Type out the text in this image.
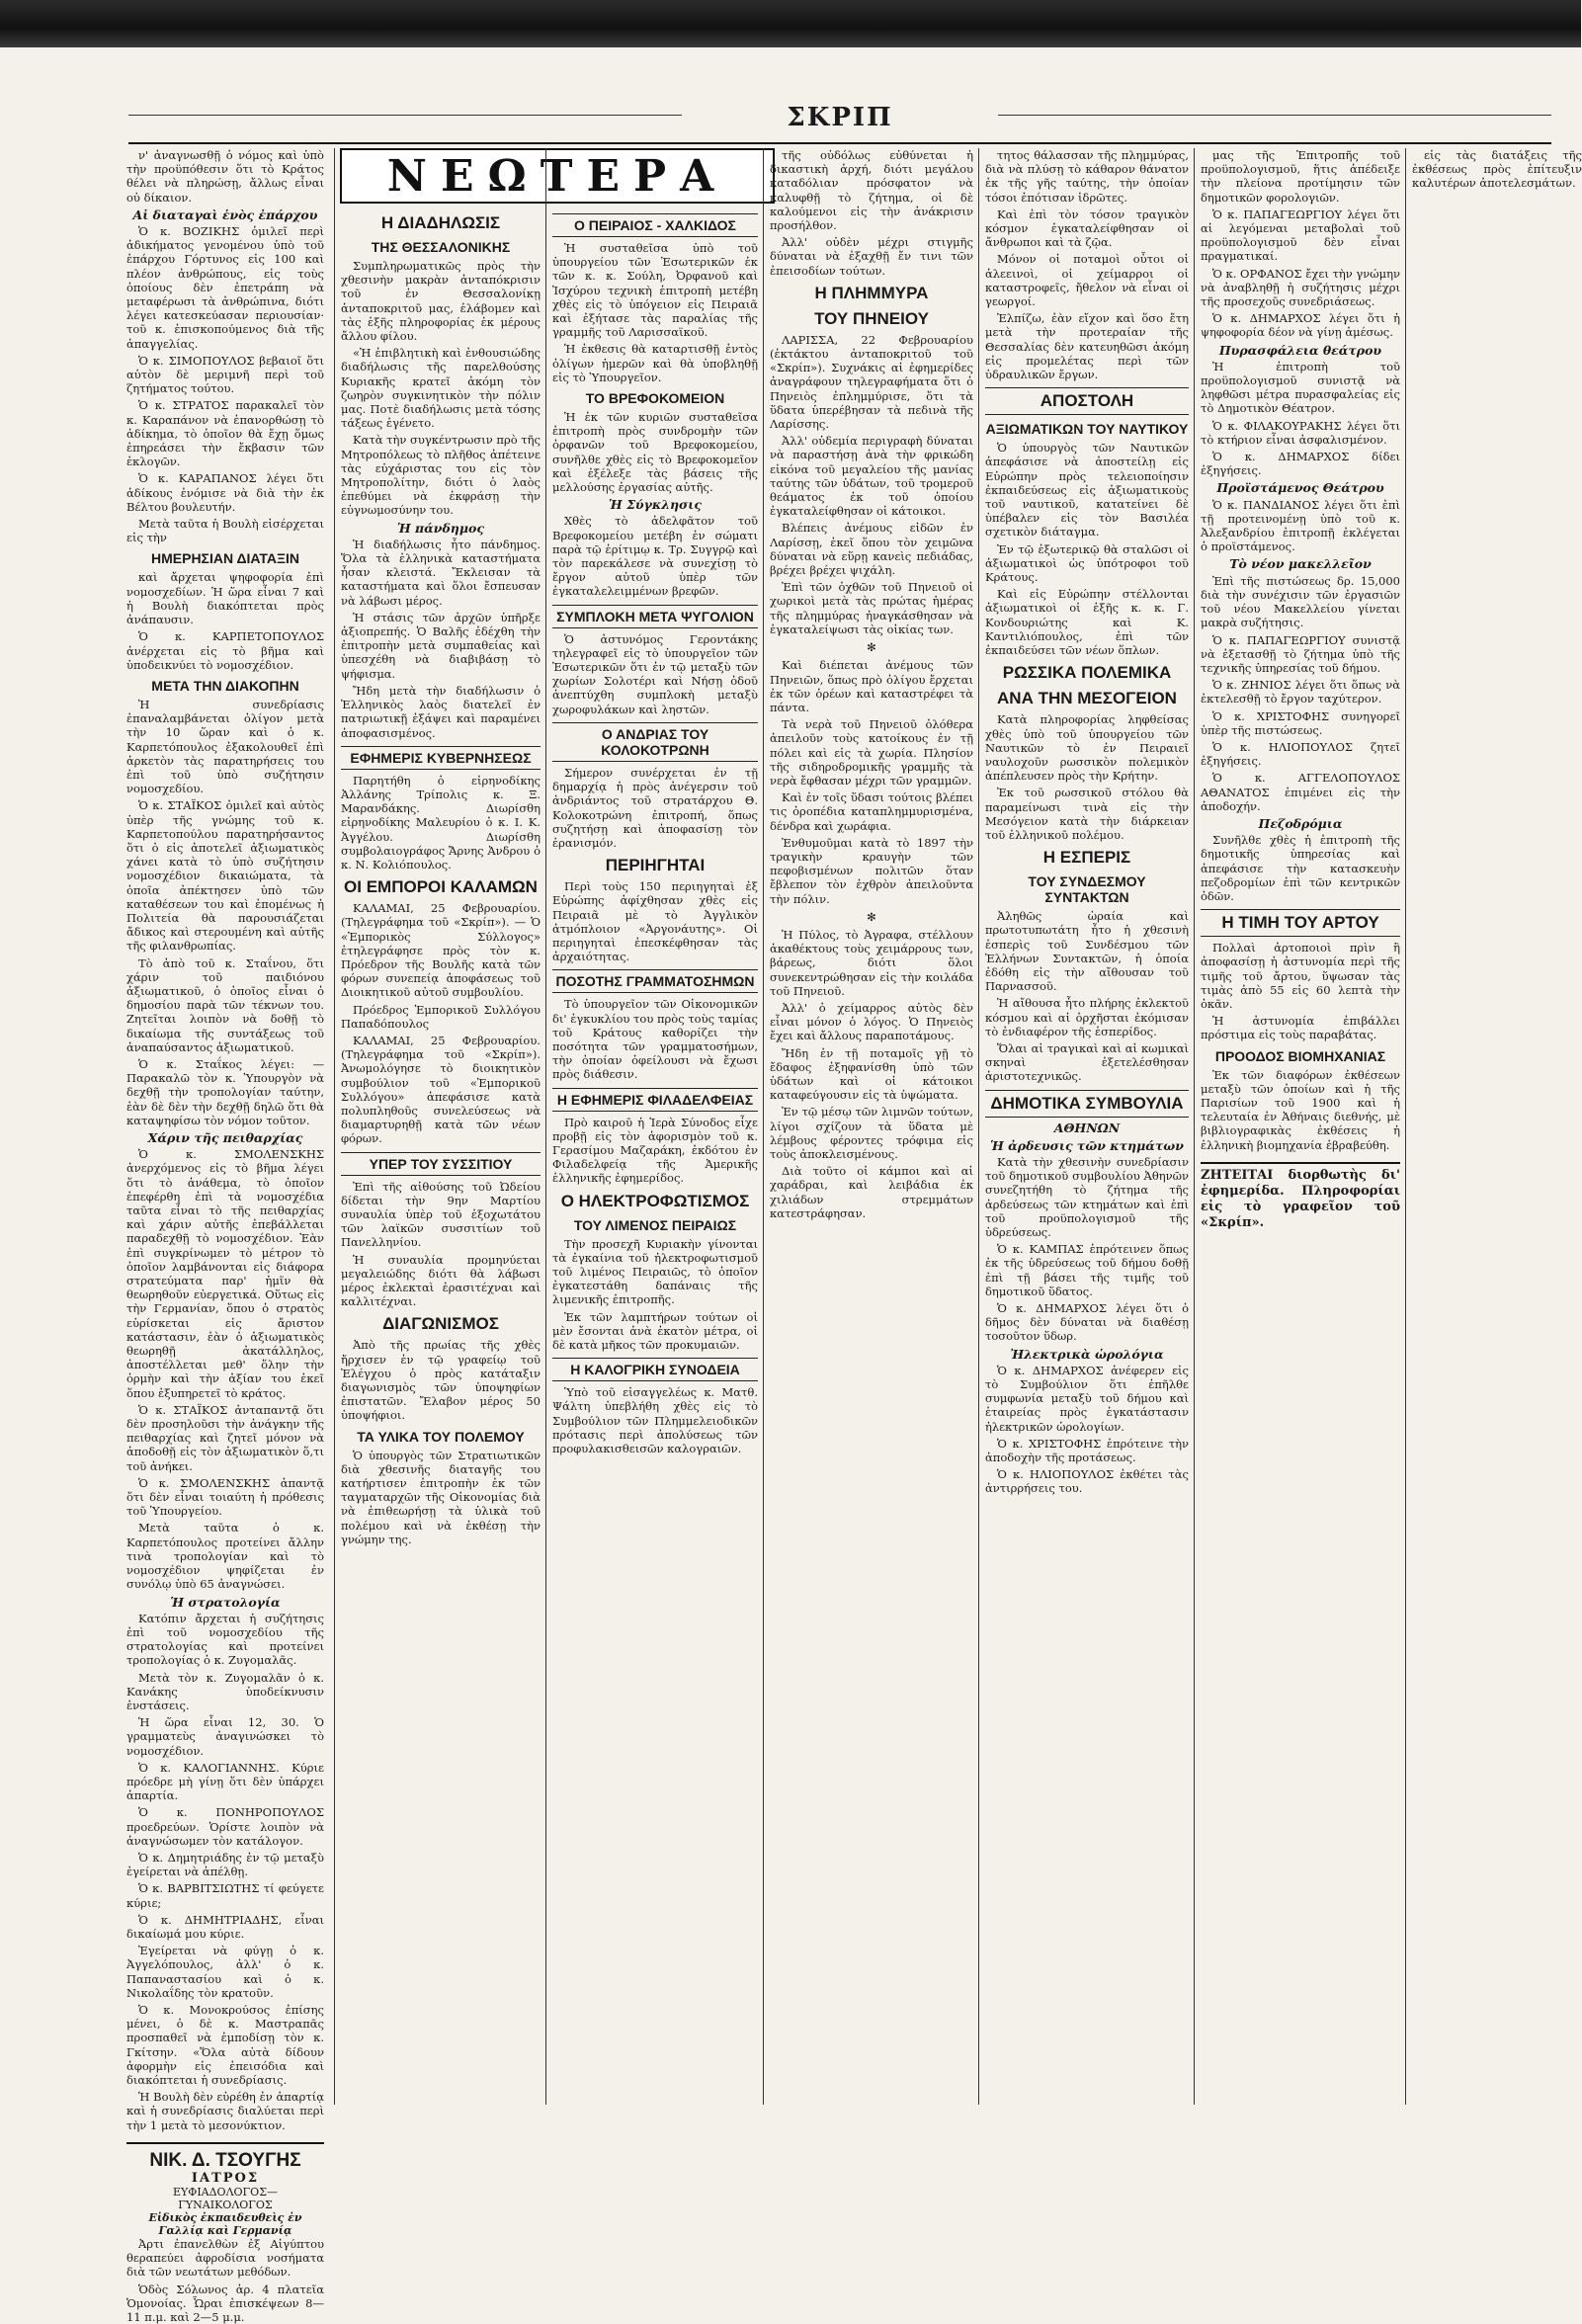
ΣΚΡΙΠ
ΝΕΩΤΕΡΑ

ν' ἀναγνωσθῇ ὁ νόμος καὶ ὑπὸ τὴν προϋπόθεσιν ὅτι τὸ Κράτος θέλει νὰ πληρώσῃ, ἄλλως εἶναι οὐ δίκαιον.

Αἱ διαταγαὶ ἑνὸς ἐπάρχου

Ὁ κ. ΒΟΖΙΚΗΣ ὁμιλεῖ περὶ ἀδικήματος γενομένου ὑπὸ τοῦ ἐπάρχου Γόρτυνος εἰς 100 καὶ πλέον ἀνθρώπους, εἰς τοὺς ὁποίους δὲν ἐπετράπη νὰ μεταφέρωσι τὰ ἀνθρώπινα, διότι λέγει κατεσκεύασαν περιουσίαν· τοῦ κ. ἐπισκοπούμενος διὰ τῆς ἀπαγγελίας.

Ὁ κ. ΣΙΜΟΠΟΥΛΟΣ βεβαιοῖ ὅτι αὐτὸν δὲ μεριμνῆ περὶ τοῦ ζητήματος τούτου.

Ὁ κ. ΣΤΡΑΤΟΣ παρακαλεῖ τὸν κ. Καραπάνον νὰ ἐπανορθώσῃ τὸ ἀδίκημα, τὸ ὁποῖον θὰ ἔχῃ ὅμως ἐπηρεάσει τὴν ἔκβασιν τῶν ἐκλογῶν.

Ὁ κ. ΚΑΡΑΠΑΝΟΣ λέγει ὅτι ἀδίκους ἐνόμισε νὰ διὰ τὴν ἐκ Βέλτου βουλευτήν.

Μετὰ ταῦτα ἡ Βουλὴ εἰσέρχεται εἰς τὴν

ΗΜΕΡΗΣΙΑΝ ΔΙΑΤΑΞΙΝ

καὶ ἄρχεται ψηφοφορία ἐπὶ νομοσχεδίων. Ἡ ὥρα εἶναι 7 καὶ ἡ Βουλὴ διακόπτεται πρὸς ἀνάπαυσιν.

Ὁ κ. ΚΑΡΠΕΤΟΠΟΥΛΟΣ ἀνέρχεται εἰς τὸ βῆμα καὶ ὑποδεικνύει τὸ νομοσχέδιον.

ΜΕΤΑ ΤΗΝ ΔΙΑΚΟΠΗΝ

Ἡ συνεδρίασις ἐπαναλαμβάνεται ὀλίγον μετὰ τὴν 10 ὥραν καὶ ὁ κ. Καρπετόπουλος ἐξακολουθεῖ ἐπὶ ἀρκετὸν τὰς παρατηρήσεις του ἐπὶ τοῦ ὑπὸ συζήτησιν νομοσχεδίου.

Ὁ κ. ΣΤΑΪΚΟΣ ὁμιλεῖ καὶ αὐτὸς ὑπὲρ τῆς γνώμης τοῦ κ. Καρπετοπούλου παρατηρήσαντος ὅτι ὁ εἰς ἀποτελεῖ ἀξιωματικὸς χάνει κατὰ τὸ ὑπὸ συζήτησιν νομοσχέδιον δικαιώματα, τὰ ὁποῖα ἀπέκτησεν ὑπὸ τῶν καταθέσεων του καὶ ἐπομένως ἡ Πολιτεία θὰ παρουσιάζεται ἄδικος καὶ στερουμένη καὶ αὐτῆς τῆς φιλανθρωπίας.

Τὸ ἀπὸ τοῦ κ. Σταΐνου, ὅτι χάριν τοῦ παιδιόνου ἀξιωματικοῦ, ὁ ὁποῖος εἶναι ὁ δημοσίου παρὰ τῶν τέκνων του. Ζητεῖται λοιπὸν νὰ δοθῇ τὸ δικαίωμα τῆς συντάξεως τοῦ ἀναπαύσαντος ἀξιωματικοῦ.

Ὁ κ. Σταΐκος λέγει: — Παρακαλῶ τὸν κ. Ὑπουργὸν νὰ δεχθῇ τὴν τροπολογίαν ταύτην, ἐὰν δὲ δὲν τὴν δεχθῇ δηλῶ ὅτι θὰ καταψηφίσω τὸν νόμον τοῦτον.

Χάριν τῆς πειθαρχίας

Ὁ κ. ΣΜΟΛΕΝΣΚΗΣ ἀνερχόμενος εἰς τὸ βῆμα λέγει ὅτι τὸ ἀνάθεμα, τὸ ὁποῖον ἐπεφέρθη ἐπὶ τὰ νομοσχέδια ταῦτα εἶναι τὸ τῆς πειθαρχίας καὶ χάριν αὐτῆς ἐπεβάλλεται παραδεχθῇ τὸ νομοσχέδιον. Ἐὰν ἐπὶ συγκρίνωμεν τὸ μέτρον τὸ ὁποῖον λαμβάνονται εἰς διάφορα στρατεύματα παρ' ἡμῖν θὰ θεωρηθοῦν εὐεργετικά. Οὕτως εἰς τὴν Γερμανίαν, ὅπου ὁ στρατὸς εὑρίσκεται εἰς ἄριστον κατάστασιν, ἐὰν ὁ ἀξιωματικὸς θεωρηθῇ ἀκατάλληλος, ἀποστέλλεται μεθ' ὅλην τὴν ὀρμὴν καὶ τὴν ἀξίαν του ἐκεῖ ὅπου ἐξυπηρετεῖ τὸ κράτος.

Ὁ κ. ΣΤΑΪΚΟΣ ἀνταπαντᾷ ὅτι δὲν προσηλοῦσι τὴν ἀνάγκην τῆς πειθαρχίας καὶ ζητεῖ μόνον νὰ ἀποδοθῇ εἰς τὸν ἀξιωματικὸν ὅ,τι τοῦ ἀνήκει.

Ὁ κ. ΣΜΟΛΕΝΣΚΗΣ ἀπαντᾷ ὅτι δὲν εἶναι τοιαύτη ἡ πρόθεσις τοῦ Ὑπουργείου.

Μετὰ ταῦτα ὁ κ. Καρπετόπουλος προτείνει ἄλλην τινὰ τροπολογίαν καὶ τὸ νομοσχέδιον ψηφίζεται ἐν συνόλῳ ὑπὸ 65 ἀναγνώσει.

Ἡ στρατολογία

Κατόπιν ἄρχεται ἡ συζήτησις ἐπὶ τοῦ νομοσχεδίου τῆς στρατολογίας καὶ προτείνει τροπολογίας ὁ κ. Ζυγομαλᾶς.

Μετὰ τὸν κ. Ζυγομαλᾶν ὁ κ. Κανάκης ὑποδείκνυσιν ἐνστάσεις.

Ἡ ὥρα εἶναι 12, 30. Ὁ γραμματεὺς ἀναγινώσκει τὸ νομοσχέδιον.

Ὁ κ. ΚΑΛΟΓΙΑΝΝΗΣ. Κύριε πρόεδρε μὴ γίνῃ ὅτι δὲν ὑπάρχει ἀπαρτία.

Ὁ κ. ΠΟΝΗΡΟΠΟΥΛΟΣ προεδρεύων. Ὁρίστε λοιπὸν νὰ ἀναγνώσωμεν τὸν κατάλογον.

Ὁ κ. Δημητριάδης ἐν τῷ μεταξὺ ἐγείρεται νὰ ἀπέλθῃ.

Ὁ κ. ΒΑΡΒΙΤΣΙΩΤΗΣ τί φεύγετε κύριε;

Ὁ κ. ΔΗΜΗΤΡΙΑΔΗΣ, εἶναι δικαίωμά μου κύριε.

Ἐγείρεται νὰ φύγῃ ὁ κ. Ἀγγελόπουλος, ἀλλ' ὁ κ. Παπαναστασίου καὶ ὁ κ. Νικολαΐδης τὸν κρατοῦν.

Ὁ κ. Μονοκρούσος ἐπίσης μένει, ὁ δὲ κ. Μαστραπᾶς προσπαθεῖ νὰ ἐμποδίσῃ τὸν κ. Γκίτσην. «Ὅλα αὐτὰ δίδουν ἀφορμὴν εἰς ἐπεισόδια καὶ διακόπτεται ἡ συνεδρίασις.

Ἡ Βουλὴ δὲν εὑρέθη ἐν ἀπαρτίᾳ καὶ ἡ συνεδρίασις διαλύεται περὶ τὴν 1 μετὰ τὸ μεσονύκτιον.

ΝΙΚ. Δ. ΤΣΟΥΓΗΣ
ΙΑΤΡΟΣ
ΕΥΦΙΑΔΟΛΟΓΟΣ—ΓΥΝΑΙΚΟΛΟΓΟΣ
Εἰδικὸς ἐκπαιδευθεὶς ἐν Γαλλίᾳ καὶ Γερμανίᾳ

Ἀρτι ἐπανελθὼν ἐξ Αἰγύπτου θεραπεύει ἀφροδίσια νοσήματα διὰ τῶν νεωτάτων μεθόδων.

Ὁδὸς Σόλωνος ἀρ. 4 πλατεῖα Ὁμονοίας. Ὧραι ἐπισκέψεων 8—11 π.μ. καὶ 2—5 μ.μ.

Η ΔΙΑΔΗΛΩΣΙΣ
ΤΗΣ ΘΕΣΣΑΛΟΝΙΚΗΣ

Συμπληρωματικῶς πρὸς τὴν χθεσινὴν μακρὰν ἀνταπόκρισιν τοῦ ἐν Θεσσαλονίκῃ ἀνταποκριτοῦ μας, ἐλάβομεν καὶ τὰς ἑξῆς πληροφορίας ἐκ μέρους ἄλλου φίλου.

«Ἡ ἐπιβλητικὴ καὶ ἐνθουσιώδης διαδήλωσις τῆς παρελθούσης Κυριακῆς κρατεῖ ἀκόμη τὸν ζωηρὸν συγκινητικὸν τὴν πόλιν μας. Ποτὲ διαδήλωσις μετὰ τόσης τάξεως ἐγένετο.

Κατὰ τὴν συγκέντρωσιν πρὸ τῆς Μητροπόλεως τὸ πλῆθος ἀπέτεινε τὰς εὐχάριστας του εἰς τὸν Μητροπολίτην, διότι ὁ λαὸς ἐπεθύμει νὰ ἐκφράσῃ τὴν εὐγνωμοσύνην του.

Ἡ πάνδημος

Ἡ διαδήλωσις ἦτο πάνδημος. Ὅλα τὰ ἑλληνικὰ καταστήματα ἦσαν κλειστά. Ἔκλεισαν τὰ καταστήματα καὶ ὅλοι ἔσπευσαν νὰ λάβωσι μέρος.

Ἡ στάσις τῶν ἀρχῶν ὑπῆρξε ἀξιοπρεπής. Ὁ Βαλῆς ἐδέχθη τὴν ἐπιτροπὴν μετὰ συμπαθείας καὶ ὑπεσχέθη νὰ διαβιβάσῃ τὸ ψήφισμα.

Ἤδη μετὰ τὴν διαδήλωσιν ὁ Ἑλληνικὸς λαὸς διατελεῖ ἐν πατριωτικῇ ἐξάψει καὶ παραμένει ἀποφασισμένος.

ΕΦΗΜΕΡΙΣ ΚΥΒΕΡΝΗΣΕΩΣ

Παρητήθη ὁ εἰρηνοδίκης Ἀλλάνης Τρίπολις κ. Ξ. Μαρανδάκης. Διωρίσθη εἰρηνοδίκης Μαλευρίου ὁ κ. Ι. Κ. Ἀγγέλου. Διωρίσθη συμβολαιογράφος Ἄρνης Ἀνδρου ὁ κ. Ν. Κολιόπουλος.

ΟΙ ΕΜΠΟΡΟΙ ΚΑΛΑΜΩΝ

ΚΑΛΑΜΑΙ, 25 Φεβρουαρίου. (Τηλεγράφημα τοῦ «Σκρίπ»). — Ὁ «Ἐμπορικὸς Σύλλογος» ἐτηλεγράφησε πρὸς τὸν κ. Πρόεδρον τῆς Βουλῆς κατὰ τῶν φόρων συνεπείᾳ ἀποφάσεως τοῦ Διοικητικοῦ αὐτοῦ συμβουλίου.

Πρόεδρος Ἐμπορικοῦ Συλλόγου Παπαδόπουλος

ΚΑΛΑΜΑΙ, 25 Φεβρουαρίου. (Τηλεγράφημα τοῦ «Σκρίπ»). Ἀνωμολόγησε τὸ διοικητικὸν συμβούλιον τοῦ «Ἐμπορικοῦ Συλλόγου» ἀπεφάσισε κατὰ πολυπληθοῦς συνελεύσεως νὰ διαμαρτυρηθῇ κατὰ τῶν νέων φόρων.

ΥΠΕΡ ΤΟΥ ΣΥΣΣΙΤΙΟΥ

Ἐπὶ τῆς αἰθούσης τοῦ Ὠδείου δίδεται τὴν 9ην Μαρτίου συναυλία ὑπὲρ τοῦ ἐξοχωτάτου τῶν λαϊκῶν συσσιτίων τοῦ Πανελληνίου.

Ἡ συναυλία προμηνύεται μεγαλειώδης διότι θὰ λάβωσι μέρος ἐκλεκταὶ ἐρασιτέχναι καὶ καλλιτέχναι.

ΔΙΑΓΩΝΙΣΜΟΣ

Ἀπὸ τῆς πρωίας τῆς χθὲς ἤρχισεν ἐν τῷ γραφείῳ τοῦ Ἐλέγχου ὁ πρὸς κατάταξιν διαγωνισμὸς τῶν ὑποψηφίων ἐπιστατῶν. Ἔλαβον μέρος 50 ὑποψήφιοι.

ΤΑ ΥΛΙΚΑ ΤΟΥ ΠΟΛΕΜΟΥ

Ὁ ὑπουργὸς τῶν Στρατιωτικῶν διὰ χθεσινῆς διαταγῆς του κατήρτισεν ἐπιτροπὴν ἐκ τῶν ταγματαρχῶν τῆς Οἰκονομίας διὰ νὰ ἐπιθεωρήσῃ τὰ ὑλικὰ τοῦ πολέμου καὶ νὰ ἐκθέσῃ τὴν γνώμην της.

Ο ΠΕΙΡΑΙΟΣ - ΧΑΛΚΙΔΟΣ

Ἡ συσταθεῖσα ὑπὸ τοῦ ὑπουργείου τῶν Ἐσωτερικῶν ἐκ τῶν κ. κ. Σούλη, Ὀρφανοῦ καὶ Ἰσχύρου τεχνικὴ ἐπιτροπὴ μετέβη χθὲς εἰς τὸ ὑπόγειον εἰς Πειραιᾶ καὶ ἐξήτασε τὰς παραλίας τῆς γραμμῆς τοῦ Λαρισσαϊκοῦ.

Ἡ ἐκθεσις θὰ καταρτισθῇ ἐντὸς ὀλίγων ἡμερῶν καὶ θὰ ὑποβληθῇ εἰς τὸ Ὑπουργεῖον.

ΤΟ ΒΡΕΦΟΚΟΜΕΙΟΝ

Ἡ ἐκ τῶν κυριῶν συσταθεῖσα ἐπιτροπὴ πρὸς συνδρομὴν τῶν ὀρφανῶν τοῦ Βρεφοκομείου, συνῆλθε χθὲς εἰς τὸ Βρεφοκομεῖον καὶ ἐξέλεξε τὰς βάσεις τῆς μελλούσης ἐργασίας αὐτῆς.

Ἡ Σύγκλησις

Χθὲς τὸ ἀδελφᾶτον τοῦ Βρεφοκομείου μετέβη ἐν σώματι παρὰ τῷ ἐρίτιμῳ κ. Τρ. Συγγρῷ καὶ τὸν παρεκάλεσε νὰ συνεχίσῃ τὸ ἔργον αὐτοῦ ὑπὲρ τῶν ἐγκαταλελειμμένων βρεφῶν.

ΣΥΜΠΛΟΚΗ ΜΕΤΑ ΨΥΓΟΛΙΟΝ

Ὁ ἀστυνόμος Γεροντάκης τηλεγραφεῖ εἰς τὸ ὑπουργεῖον τῶν Ἐσωτερικῶν ὅτι ἐν τῷ μεταξὺ τῶν χωρίων Σολοτέρι καὶ Νήσῃ ὁδοῦ ἀνεπτύχθη συμπλοκὴ μεταξὺ χωροφυλάκων καὶ ληστῶν.

Ο ΑΝΔΡΙΑΣ ΤΟΥ ΚΟΛΟΚΟΤΡΩΝΗ

Σήμερον συνέρχεται ἐν τῇ δημαρχίᾳ ἡ πρὸς ἀνέγερσιν τοῦ ἀνδριάντος τοῦ στρατάρχου Θ. Κολοκοτρώνη ἐπιτροπή, ὅπως συζητήσῃ καὶ ἀποφασίσῃ τὸν ἐρανισμόν.

ΠΕΡΙΗΓΗΤΑΙ

Περὶ τοὺς 150 περιηγηταὶ ἐξ Εὐρώπης ἀφίχθησαν χθὲς εἰς Πειραιᾶ μὲ τὸ Ἀγγλικὸν ἀτμόπλοιον «Ἀργονάυτης». Οἱ περιηγηταὶ ἐπεσκέφθησαν τὰς ἀρχαιότητας.

ΠΟΣΟΤΗΣ ΓΡΑΜΜΑΤΟΣΗΜΩΝ

Τὸ ὑπουργεῖον τῶν Οἰκονομικῶν δι' ἐγκυκλίου του πρὸς τοὺς ταμίας τοῦ Κράτους καθορίζει τὴν ποσότητα τῶν γραμματοσήμων, τὴν ὁποίαν ὀφείλουσι νὰ ἔχωσι πρὸς διάθεσιν.

Η ΕΦΗΜΕΡΙΣ ΦΙΛΑΔΕΛΦΕΙΑΣ

Πρὸ καιροῦ ἡ Ἱερὰ Σύνοδος εἶχε προβῇ εἰς τὸν ἀφορισμὸν τοῦ κ. Γερασίμου Μαζαράκη, ἐκδότου ἐν Φιλαδελφείᾳ τῆς Ἀμερικῆς ἑλληνικῆς ἐφημερίδος.

Ο ΗΛΕΚΤΡΟΦΩΤΙΣΜΟΣ
ΤΟΥ ΛΙΜΕΝΟΣ ΠΕΙΡΑΙΩΣ

Τὴν προσεχῆ Κυριακὴν γίνονται τὰ ἐγκαίνια τοῦ ἠλεκτροφωτισμοῦ τοῦ λιμένος Πειραιῶς, τὸ ὁποῖον ἐγκατεστάθη δαπάναις τῆς λιμενικῆς ἐπιτροπῆς.

Ἐκ τῶν λαμπτήρων τούτων οἱ μὲν ἔσονται ἀνὰ ἐκατὸν μέτρα, οἱ δὲ κατὰ μῆκος τῶν προκυμαιῶν.

Η ΚΑΛΟΓΡΙΚΗ ΣΥΝΟΔΕΙΑ

Ὑπὸ τοῦ εἰσαγγελέως κ. Ματθ. Ψάλτη ὑπεβλήθη χθὲς εἰς τὸ Συμβούλιον τῶν Πλημμελειοδικῶν πρότασις περὶ ἀπολύσεως τῶν προφυλακισθεισῶν καλογραιῶν.

τῆς οὐδόλως εὐθύνεται ἡ δικαστικὴ ἀρχή, διότι μεγάλου καταδόλιαν πρόσφατον νὰ καλυφθῇ τὸ ζήτημα, οἱ δὲ καλούμενοι εἰς τὴν ἀνάκρισιν προσήλθον.

Ἀλλ' οὐδὲν μέχρι στιγμῆς δύναται νὰ ἐξαχθῇ ἔν τινι τῶν ἐπεισοδίων τούτων.

Η ΠΛΗΜΜΥΡΑ
ΤΟΥ ΠΗΝΕΙΟΥ

ΛΑΡΙΣΣΑ, 22 Φεβρουαρίου (ἐκτάκτου ἀνταποκριτοῦ τοῦ «Σκρίπ»). Συχνάκις αἱ ἐφημερίδες ἀναγράφουν τηλεγραφήματα ὅτι ὁ Πηνειὸς ἐπλημμύρισε, ὅτι τὰ ὕδατα ὑπερέβησαν τὰ πεδινὰ τῆς Λαρίσσης.

Ἀλλ' οὐδεμία περιγραφὴ δύναται νὰ παραστήσῃ ἀνὰ τὴν φρικώδη εἰκόνα τοῦ μεγαλείου τῆς μανίας ταύτης τῶν ὑδάτων, τοῦ τρομεροῦ θεάματος ἐκ τοῦ ὁποίου ἐγκαταλείφθησαν οἱ κάτοικοι.

Βλέπεις ἀνέμους εἰδῶν ἐν Λαρίσσῃ, ἐκεῖ ὅπου τὸν χειμῶνα δύναται νὰ εὕρῃ κανεὶς πεδιάδας, βρέχει βρέχει ψιχάλη.

Ἐπὶ τῶν ὀχθῶν τοῦ Πηνειοῦ οἱ χωρικοὶ μετὰ τὰς πρώτας ἡμέρας τῆς πλημμύρας ἠναγκάσθησαν νὰ ἐγκαταλείψωσι τὰς οἰκίας των.

✻

Καὶ διέπεται ἀνέμους τῶν Πηνειῶν, ὅπως πρὸ ὀλίγου ἔρχεται ἐκ τῶν ὀρέων καὶ καταστρέφει τὰ πάντα.

Τὰ νερὰ τοῦ Πηνειοῦ ὁλόθερα ἀπειλοῦν τοὺς κατοίκους ἐν τῇ πόλει καὶ εἰς τὰ χωρία. Πλησίον τῆς σιδηροδρομικῆς γραμμῆς τὰ νερὰ ἔφθασαν μέχρι τῶν γραμμῶν.

Καὶ ἐν τοῖς ὕδασι τούτοις βλέπει τις ὀροπέδια καταπλημμυρισμένα, δένδρα καὶ χωράφια.

Ἐνθυμοῦμαι κατὰ τὸ 1897 τὴν τραγικὴν κραυγὴν τῶν πεφοβισμένων πολιτῶν ὅταν ἔβλεπον τὸν ἐχθρὸν ἀπειλοῦντα τὴν πόλιν.

✻

Ἡ Πύλος, τὸ Ἀγραφα, στέλλουν ἀκαθέκτους τοὺς χειμάρρους των, βάρεως, διότι ὅλοι συνεκεντρώθησαν εἰς τὴν κοιλάδα τοῦ Πηνειοῦ.

Ἀλλ' ὁ χείμαρρος αὐτὸς δὲν εἶναι μόνον ὁ λόγος. Ὁ Πηνειὸς ἔχει καὶ ἄλλους παραποτάμους.

Ἤδη ἐν τῇ ποταμοῖς γῇ τὸ ἔδαφος ἐξηφανίσθη ὑπὸ τῶν ὑδάτων καὶ οἱ κάτοικοι καταφεύγουσιν εἰς τὰ ὑψώματα.

Ἐν τῷ μέσῳ τῶν λιμνῶν τούτων, λίγοι σχίζουν τὰ ὕδατα μὲ λέμβους φέροντες τρόφιμα εἰς τοὺς ἀποκλεισμένους.

Διὰ τοῦτο οἱ κάμποι καὶ αἱ χαράδραι, καὶ λειβάδια ἐκ χιλιάδων στρεμμάτων κατεστράφησαν.

τητος θάλασσαν τῆς πλημμύρας, διὰ νὰ πλύσῃ τὸ κάθαρον θάνατον ἐκ τῆς γῆς ταύτης, τὴν ὁποίαν τόσοι ἐπότισαν ἱδρῶτες.

Καὶ ἐπὶ τὸν τόσον τραγικὸν κόσμον ἐγκαταλείφθησαν οἱ ἄνθρωποι καὶ τὰ ζῷα.

Μόνον οἱ ποταμοὶ οὗτοι οἱ ἀλεεινοὶ, οἱ χείμαρροι οἱ καταστροφεῖς, ἤθελον νὰ εἶναι οἱ γεωργοί.

Ἐλπίζω, ἐὰν εἴχον καὶ ὅσο ἔτη μετὰ τὴν προτεραίαν τῆς Θεσσαλίας δὲν κατευηθῶσι ἀκόμη εἰς προμελέτας περὶ τῶν ὑδραυλικῶν ἔργων.

ΑΠΟΣΤΟΛΗ
ΑΞΙΩΜΑΤΙΚΩΝ ΤΟΥ ΝΑΥΤΙΚΟΥ

Ὁ ὑπουργὸς τῶν Ναυτικῶν ἀπεφάσισε νὰ ἀποστείλῃ εἰς Εὐρώπην πρὸς τελειοποίησιν ἐκπαιδεύσεως εἰς ἀξιωματικοὺς τοῦ ναυτικοῦ, κατατείνει δὲ ὑπέβαλεν εἰς τὸν Βασιλέα σχετικὸν διάταγμα.

Ἐν τῷ ἐξωτερικῷ θὰ σταλῶσι οἱ ἀξιωματικοὶ ὡς ὑπότροφοι τοῦ Κράτους.

Καὶ εἰς Εὐρώπην στέλλονται ἀξιωματικοὶ οἱ ἑξῆς κ. κ. Γ. Κονδουριώτης καὶ Κ. Καντιλιόπουλος, ἐπὶ τῶν ἐκπαιδεύσει τῶν νέων ὅπλων.

ΡΩΣΣΙΚΑ ΠΟΛΕΜΙΚΑ
ΑΝΑ ΤΗΝ ΜΕΣΟΓΕΙΟΝ

Κατὰ πληροφορίας ληφθείσας χθὲς ὑπὸ τοῦ ὑπουργείου τῶν Ναυτικῶν τὸ ἐν Πειραιεῖ ναυλοχοῦν ρωσσικὸν πολεμικὸν ἀπέπλευσεν πρὸς τὴν Κρήτην.

Ἐκ τοῦ ρωσσικοῦ στόλου θὰ παραμείνωσι τινὰ εἰς τὴν Μεσόγειον κατὰ τὴν διάρκειαν τοῦ ἑλληνικοῦ πολέμου.

Η ΕΣΠΕΡΙΣ
ΤΟΥ ΣΥΝΔΕΣΜΟΥ ΣΥΝΤΑΚΤΩΝ

Ἀληθῶς ὡραία καὶ πρωτοτυπωτάτη ἦτο ἡ χθεσινὴ ἑσπερὶς τοῦ Συνδέσμου τῶν Ἑλλήνων Συντακτῶν, ἡ ὁποία ἐδόθη εἰς τὴν αἴθουσαν τοῦ Παρνασσοῦ.

Ἡ αἴθουσα ἦτο πλήρης ἐκλεκτοῦ κόσμου καὶ αἱ ὀρχῆσται ἐκόμισαν τὸ ἐνδιαφέρον τῆς ἑσπερίδος.

Ὅλαι αἱ τραγικαὶ καὶ αἱ κωμικαὶ σκηναὶ ἐξετελέσθησαν ἀριστοτεχνικῶς.

ΔΗΜΟΤΙΚΑ ΣΥΜΒΟΥΛΙΑ
ΑΘΗΝΩΝ
Ἡ ἀρδευσις τῶν κτημάτων

Κατὰ τὴν χθεσινὴν συνεδρίασιν τοῦ δημοτικοῦ συμβουλίου Ἀθηνῶν συνεζητήθη τὸ ζήτημα τῆς ἀρδεύσεως τῶν κτημάτων καὶ ἐπὶ τοῦ προϋπολογισμοῦ τῆς ὑδρεύσεως.

Ὁ κ. ΚΑΜΠΑΣ ἐπρότεινεν ὅπως ἐκ τῆς ὑδρεύσεως τοῦ δήμου δοθῇ ἐπὶ τῇ βάσει τῆς τιμῆς τοῦ δημοτικοῦ ὕδατος.

Ὁ κ. ΔΗΜΑΡΧΟΣ λέγει ὅτι ὁ δῆμος δὲν δύναται νὰ διαθέσῃ τοσοῦτον ὕδωρ.

Ἠλεκτρικὰ ὡρολόγια

Ὁ κ. ΔΗΜΑΡΧΟΣ ἀνέφερεν εἰς τὸ Συμβούλιον ὅτι ἐπῆλθε συμφωνία μεταξὺ τοῦ δήμου καὶ ἑταιρείας πρὸς ἐγκατάστασιν ἠλεκτρικῶν ὡρολογίων.

Ὁ κ. ΧΡΙΣΤΟΦΗΣ ἐπρότεινε τὴν ἀποδοχὴν τῆς προτάσεως.

Ὁ κ. ΗΛΙΟΠΟΥΛΟΣ ἐκθέτει τὰς ἀντιρρήσεις του.

μας τῆς Ἐπιτροπῆς τοῦ προϋπολογισμοῦ, ἥτις ἀπέδειξε τὴν πλείονα προτίμησιν τῶν δημοτικῶν φορολογιῶν.

Ὁ κ. ΠΑΠΑΓΕΩΡΓΙΟΥ λέγει ὅτι αἱ λεγόμεναι μεταβολαὶ τοῦ προϋπολογισμοῦ δὲν εἶναι πραγματικαί.

Ὁ κ. ΟΡΦΑΝΟΣ ἔχει τὴν γνώμην νὰ ἀναβληθῇ ἡ συζήτησις μέχρι τῆς προσεχοῦς συνεδριάσεως.

Ὁ κ. ΔΗΜΑΡΧΟΣ λέγει ὅτι ἡ ψηφοφορία δέον νὰ γίνῃ ἀμέσως.

Πυρασφάλεια θεάτρου

Ἡ ἐπιτροπὴ τοῦ προϋπολογισμοῦ συνιστᾷ νὰ ληφθῶσι μέτρα πυρασφαλείας εἰς τὸ Δημοτικὸν Θέατρον.

Ὁ κ. ΦΙΛΑΚΟΥΡΑΚΗΣ λέγει ὅτι τὸ κτήριον εἶναι ἀσφαλισμένον.

Ὁ κ. ΔΗΜΑΡΧΟΣ δίδει ἐξηγήσεις.

Προϊστάμενος Θεάτρου

Ὁ κ. ΠΑΝΔΙΑΝΟΣ λέγει ὅτι ἐπὶ τῇ προτεινομένῃ ὑπὸ τοῦ κ. Ἀλεξανδρίου ἐπιτροπῇ ἐκλέγεται ὁ προϊστάμενος.

Τὸ νέον μακελλεῖον

Ἐπὶ τῆς πιστώσεως δρ. 15,000 διὰ τὴν συνέχισιν τῶν ἐργασιῶν τοῦ νέου Μακελλείου γίνεται μακρὰ συζήτησις.

Ὁ κ. ΠΑΠΑΓΕΩΡΓΙΟΥ συνιστᾷ νὰ ἐξετασθῇ τὸ ζήτημα ὑπὸ τῆς τεχνικῆς ὑπηρεσίας τοῦ δήμου.

Ὁ κ. ΖΗΝΙΟΣ λέγει ὅτι ὅπως νὰ ἐκτελεσθῇ τὸ ἔργον ταχύτερον.

Ὁ κ. ΧΡΙΣΤΟΦΗΣ συνηγορεῖ ὑπὲρ τῆς πιστώσεως.

Ὁ κ. ΗΛΙΟΠΟΥΛΟΣ ζητεῖ ἐξηγήσεις.

Ὁ κ. ΑΓΓΕΛΟΠΟΥΛΟΣ ΑΘΑΝΑΤΟΣ ἐπιμένει εἰς τὴν ἀποδοχήν.

Πεζοδρόμια

Συνῆλθε χθὲς ἡ ἐπιτροπὴ τῆς δημοτικῆς ὑπηρεσίας καὶ ἀπεφάσισε τὴν κατασκευὴν πεζοδρομίων ἐπὶ τῶν κεντρικῶν ὁδῶν.

Η ΤΙΜΗ ΤΟΥ ΑΡΤΟΥ

Πολλαὶ ἀρτοποιοὶ πρὶν ἢ ἀποφασίσῃ ἡ ἀστυνομία περὶ τῆς τιμῆς τοῦ ἄρτου, ὕψωσαν τὰς τιμὰς ἀπὸ 55 εἰς 60 λεπτὰ τὴν ὀκᾶν.

Ἡ ἀστυνομία ἐπιβάλλει πρόστιμα εἰς τοὺς παραβάτας.

ΠΡΟΟΔΟΣ ΒΙΟΜΗΧΑΝΙΑΣ

Ἐκ τῶν διαφόρων ἐκθέσεων μεταξὺ τῶν ὁποίων καὶ ἡ τῆς Παρισίων τοῦ 1900 καὶ ἡ τελευταία ἐν Ἀθήναις διεθνής, μὲ βιβλιογραφικὰς ἐκθέσεις ἡ ἑλληνικὴ βιομηχανία ἐβραβεύθη.

ΖΗΤΕΙΤΑΙ διορθωτὴς δι' ἐφημερίδα. Πληροφορίαι εἰς τὸ γραφεῖον τοῦ «Σκρίπ».

εἰς τὰς διατάξεις τῆς ἐκθέσεως πρὸς ἐπίτευξιν καλυτέρων ἀποτελεσμάτων.
